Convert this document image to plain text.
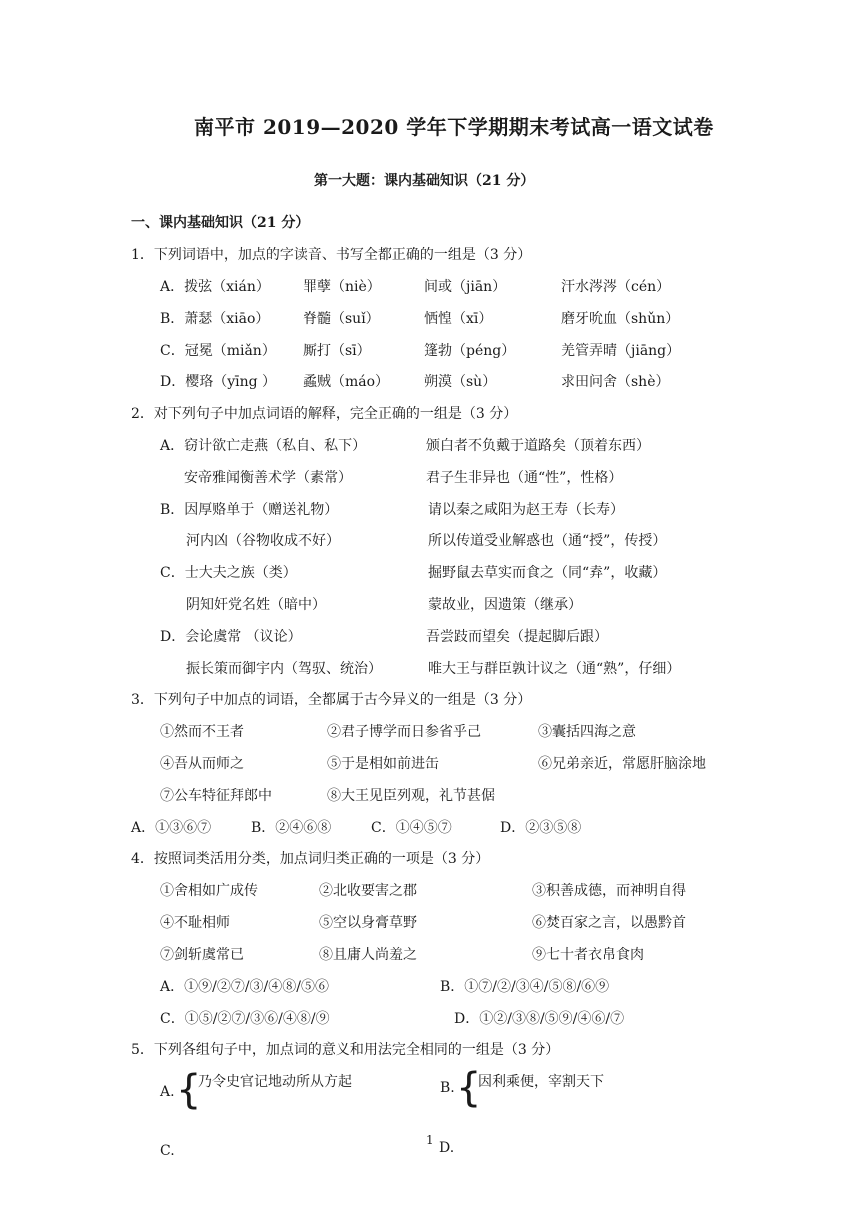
南平市 2019—2020 学年下学期期末考试高一语文试卷
第一大题：课内基础知识（21 分）
一、课内基础知识（21 分）
1．下列词语中，加点的字读音、书写全都正确的一组是（3 分）
A．拨弦（xián） 罪孽（niè）	间或（jiān）	汗水涔涔（cén）
B．萧瑟（xiāo） 脊髓（suǐ）	恓惶（xī）	磨牙吮血（shǔn）
C．冠冕（miǎn） 厮打（sī）	篷勃（péng）	羌管弄晴（jiāng）
D．樱珞（yīng ） 蟊贼（máo） 朔漠（sù）	求田问舍（shè）
2．对下列句子中加点词语的解释，完全正确的一组是（3 分）
A．窃计欲亡走燕（私自、私下）	颁白者不负戴于道路矣（顶着东西）
安帝雅闻衡善术学（素常）	君子生非异也（通“性”，性格）
B．因厚赂单于（赠送礼物）	请以秦之咸阳为赵王寿（长寿）
河内凶（谷物收成不好）	所以传道受业解惑也（通“授”，传授）
C．士大夫之族（类）	掘野鼠去草实而食之（同“弆”，收藏）
阴知奸党名姓（暗中）	蒙故业，因遗策（继承）
D．会论虞常 （议论）	吾尝跂而望矣（提起脚后跟）
振长策而御宇内（驾驭、统治）	唯大王与群臣孰计议之（通“熟”，仔细）
3．下列句子中加点的词语，全都属于古今异义的一组是（3 分）
①然而不王者	②君子博学而日参省乎己	③囊括四海之意
④吾从而师之	⑤于是相如前进缶	⑥兄弟亲近，常愿肝脑涂地
⑦公车特征拜郎中	⑧大王见臣列观，礼节甚倨
A．①③⑥⑦	B．②④⑥⑧	C．①④⑤⑦	D．②③⑤⑧
4．按照词类活用分类，加点词归类正确的一项是（3 分）
①舍相如广成传	②北收要害之郡	③积善成德，而神明自得
④不耻相师	⑤空以身膏草野	⑥焚百家之言，以愚黔首
⑦剑斩虞常已	⑧且庸人尚羞之	⑨七十者衣帛食肉
A．①⑨/②⑦/③/④⑧/⑤⑥	B．①⑦/②/③④/⑤⑧/⑥⑨
C．①⑤/②⑦/③⑥/④⑧/⑨	D．①②/③⑧/⑤⑨/④⑥/⑦
5．下列各组句子中，加点词的意义和用法完全相同的一组是（3 分）
A. {
乃令史官记地动所从方起	B. {
因利乘便，宰割天下
C.
1 D.
